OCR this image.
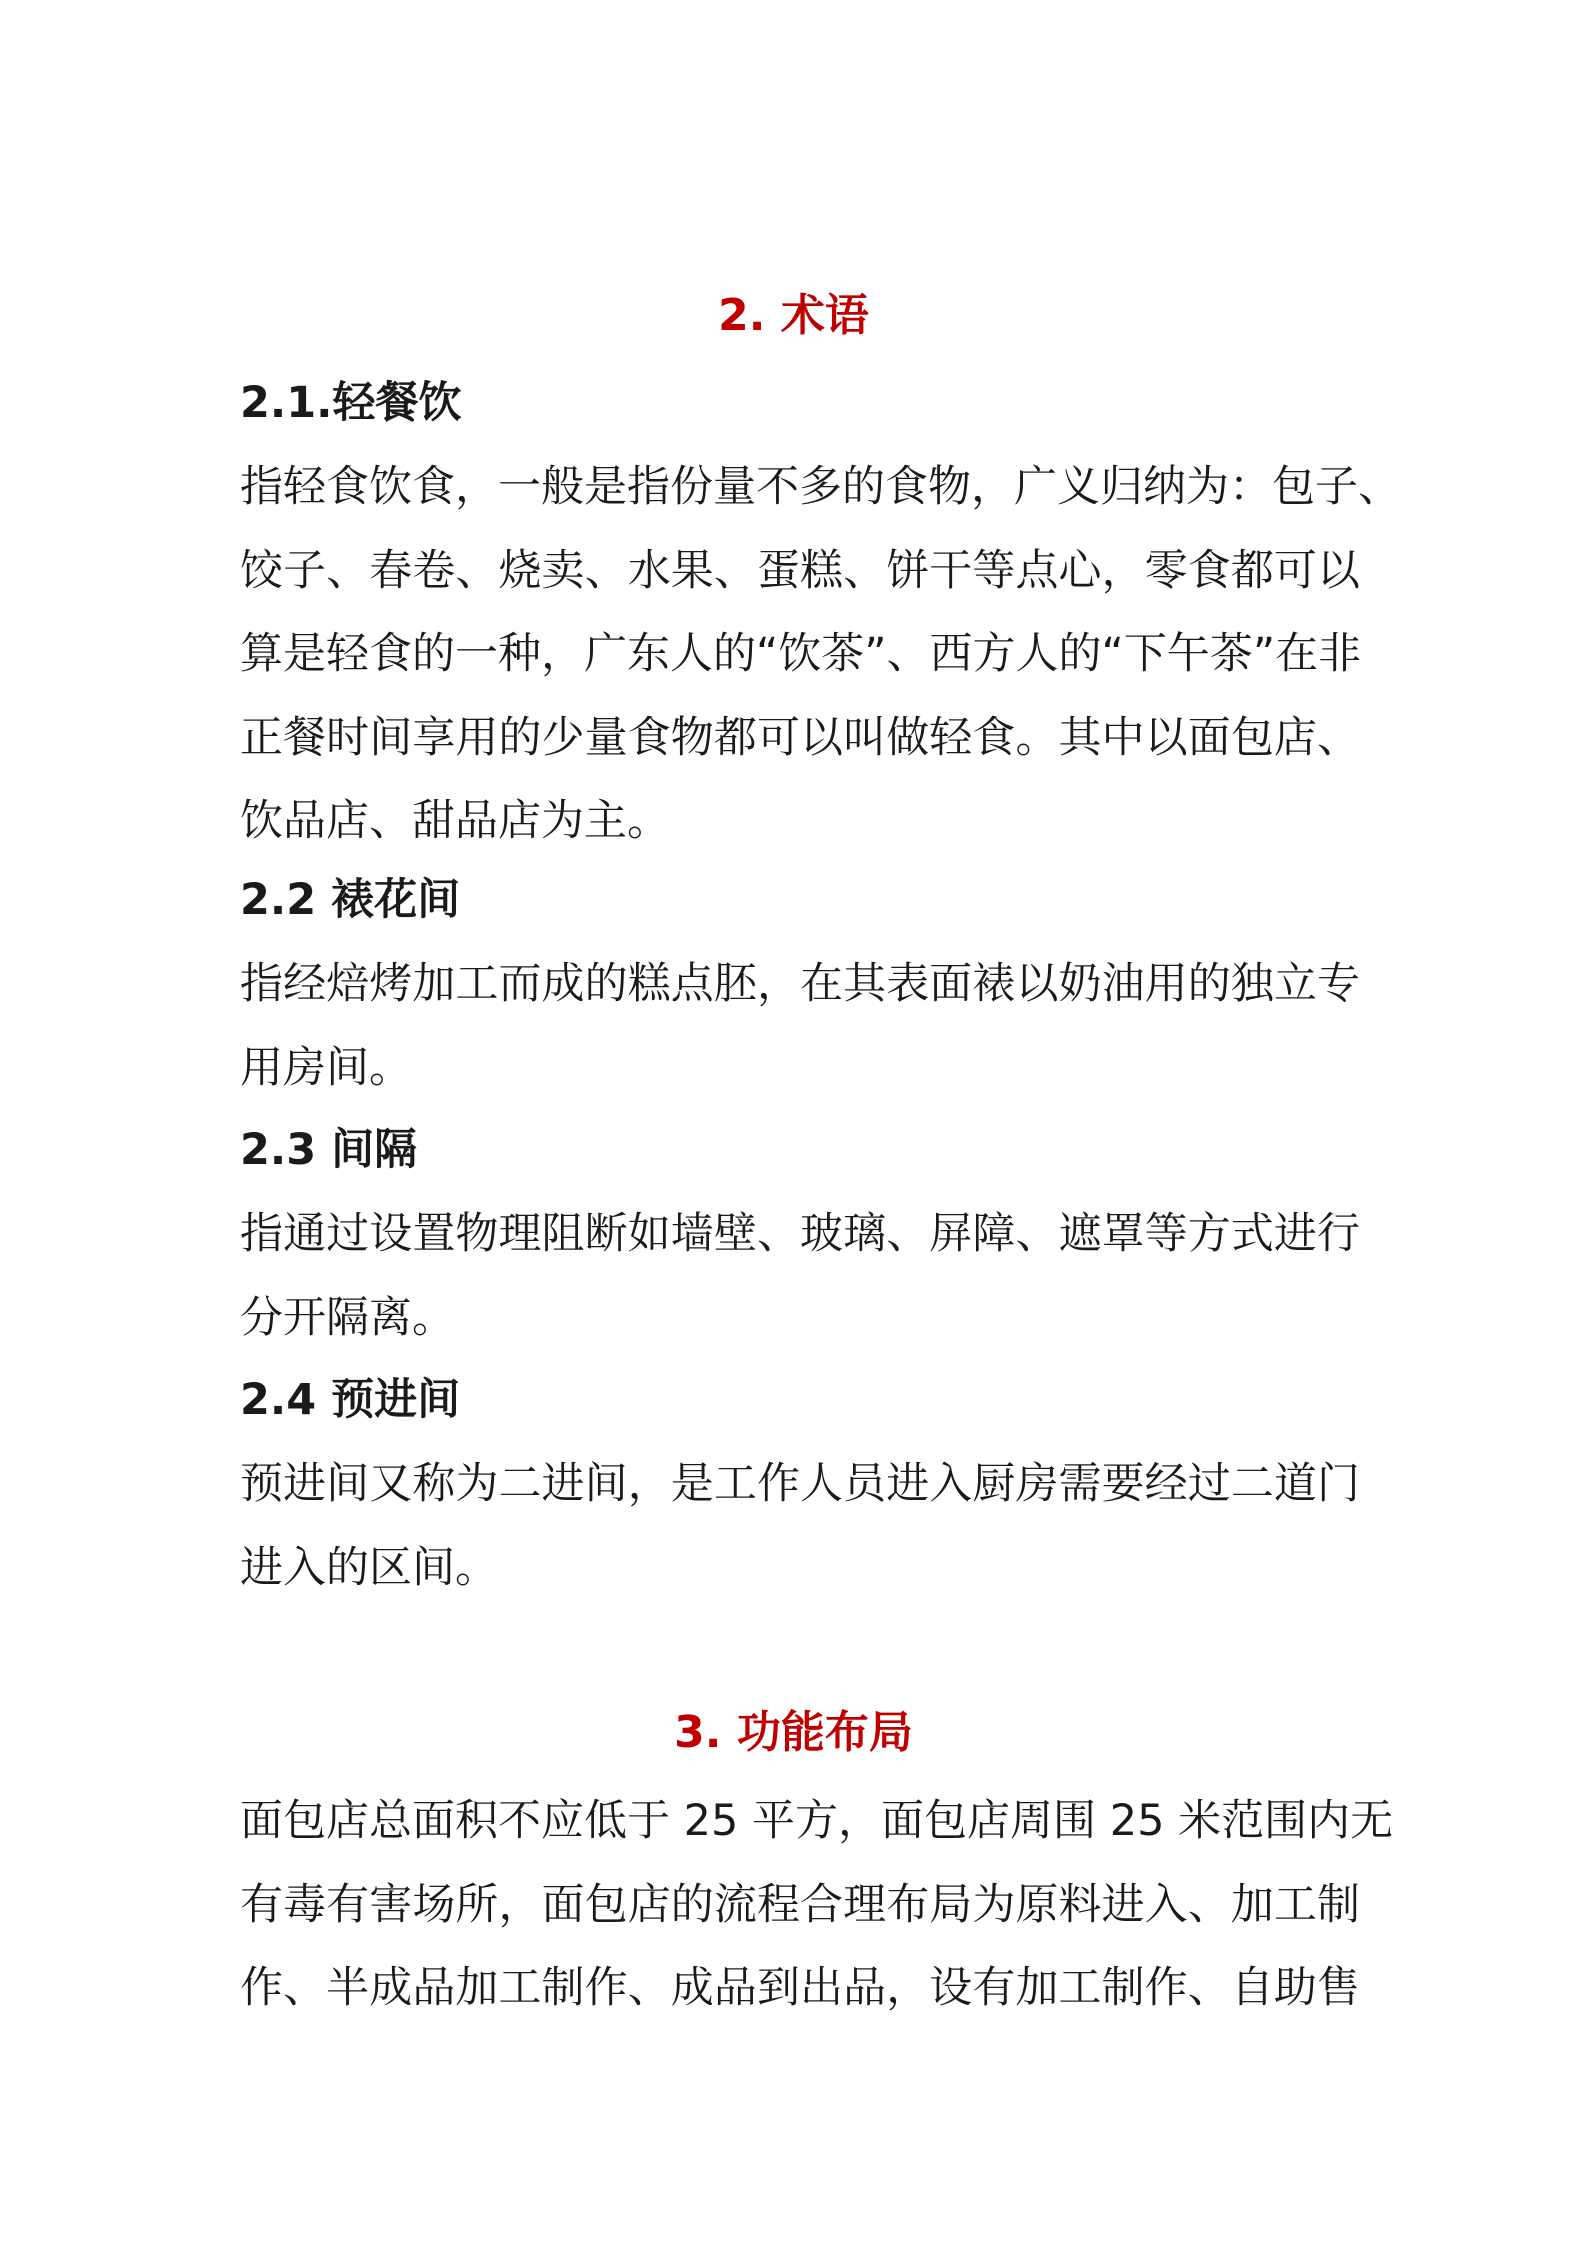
2. 术语
2.1.轻餐饮
指轻食饮食，一般是指份量不多的食物，广义归纳为：包子、
饺子、春卷、烧卖、水果、蛋糕、饼干等点心，零食都可以
算是轻食的一种，广东人的“饮茶”、西方人的“下午茶”在非
正餐时间享用的少量食物都可以叫做轻食。其中以面包店、
饮品店、甜品店为主。
2.2 裱花间
指经焙烤加工而成的糕点胚，在其表面裱以奶油用的独立专
用房间。
2.3 间隔
指通过设置物理阻断如墙壁、玻璃、屏障、遮罩等方式进行
分开隔离。
2.4 预进间
预进间又称为二进间，是工作人员进入厨房需要经过二道门
进入的区间。
3. 功能布局
面包店总面积不应低于 25 平方，面包店周围 25 米范围内无
有毒有害场所，面包店的流程合理布局为原料进入、加工制
作、半成品加工制作、成品到出品，设有加工制作、自助售
